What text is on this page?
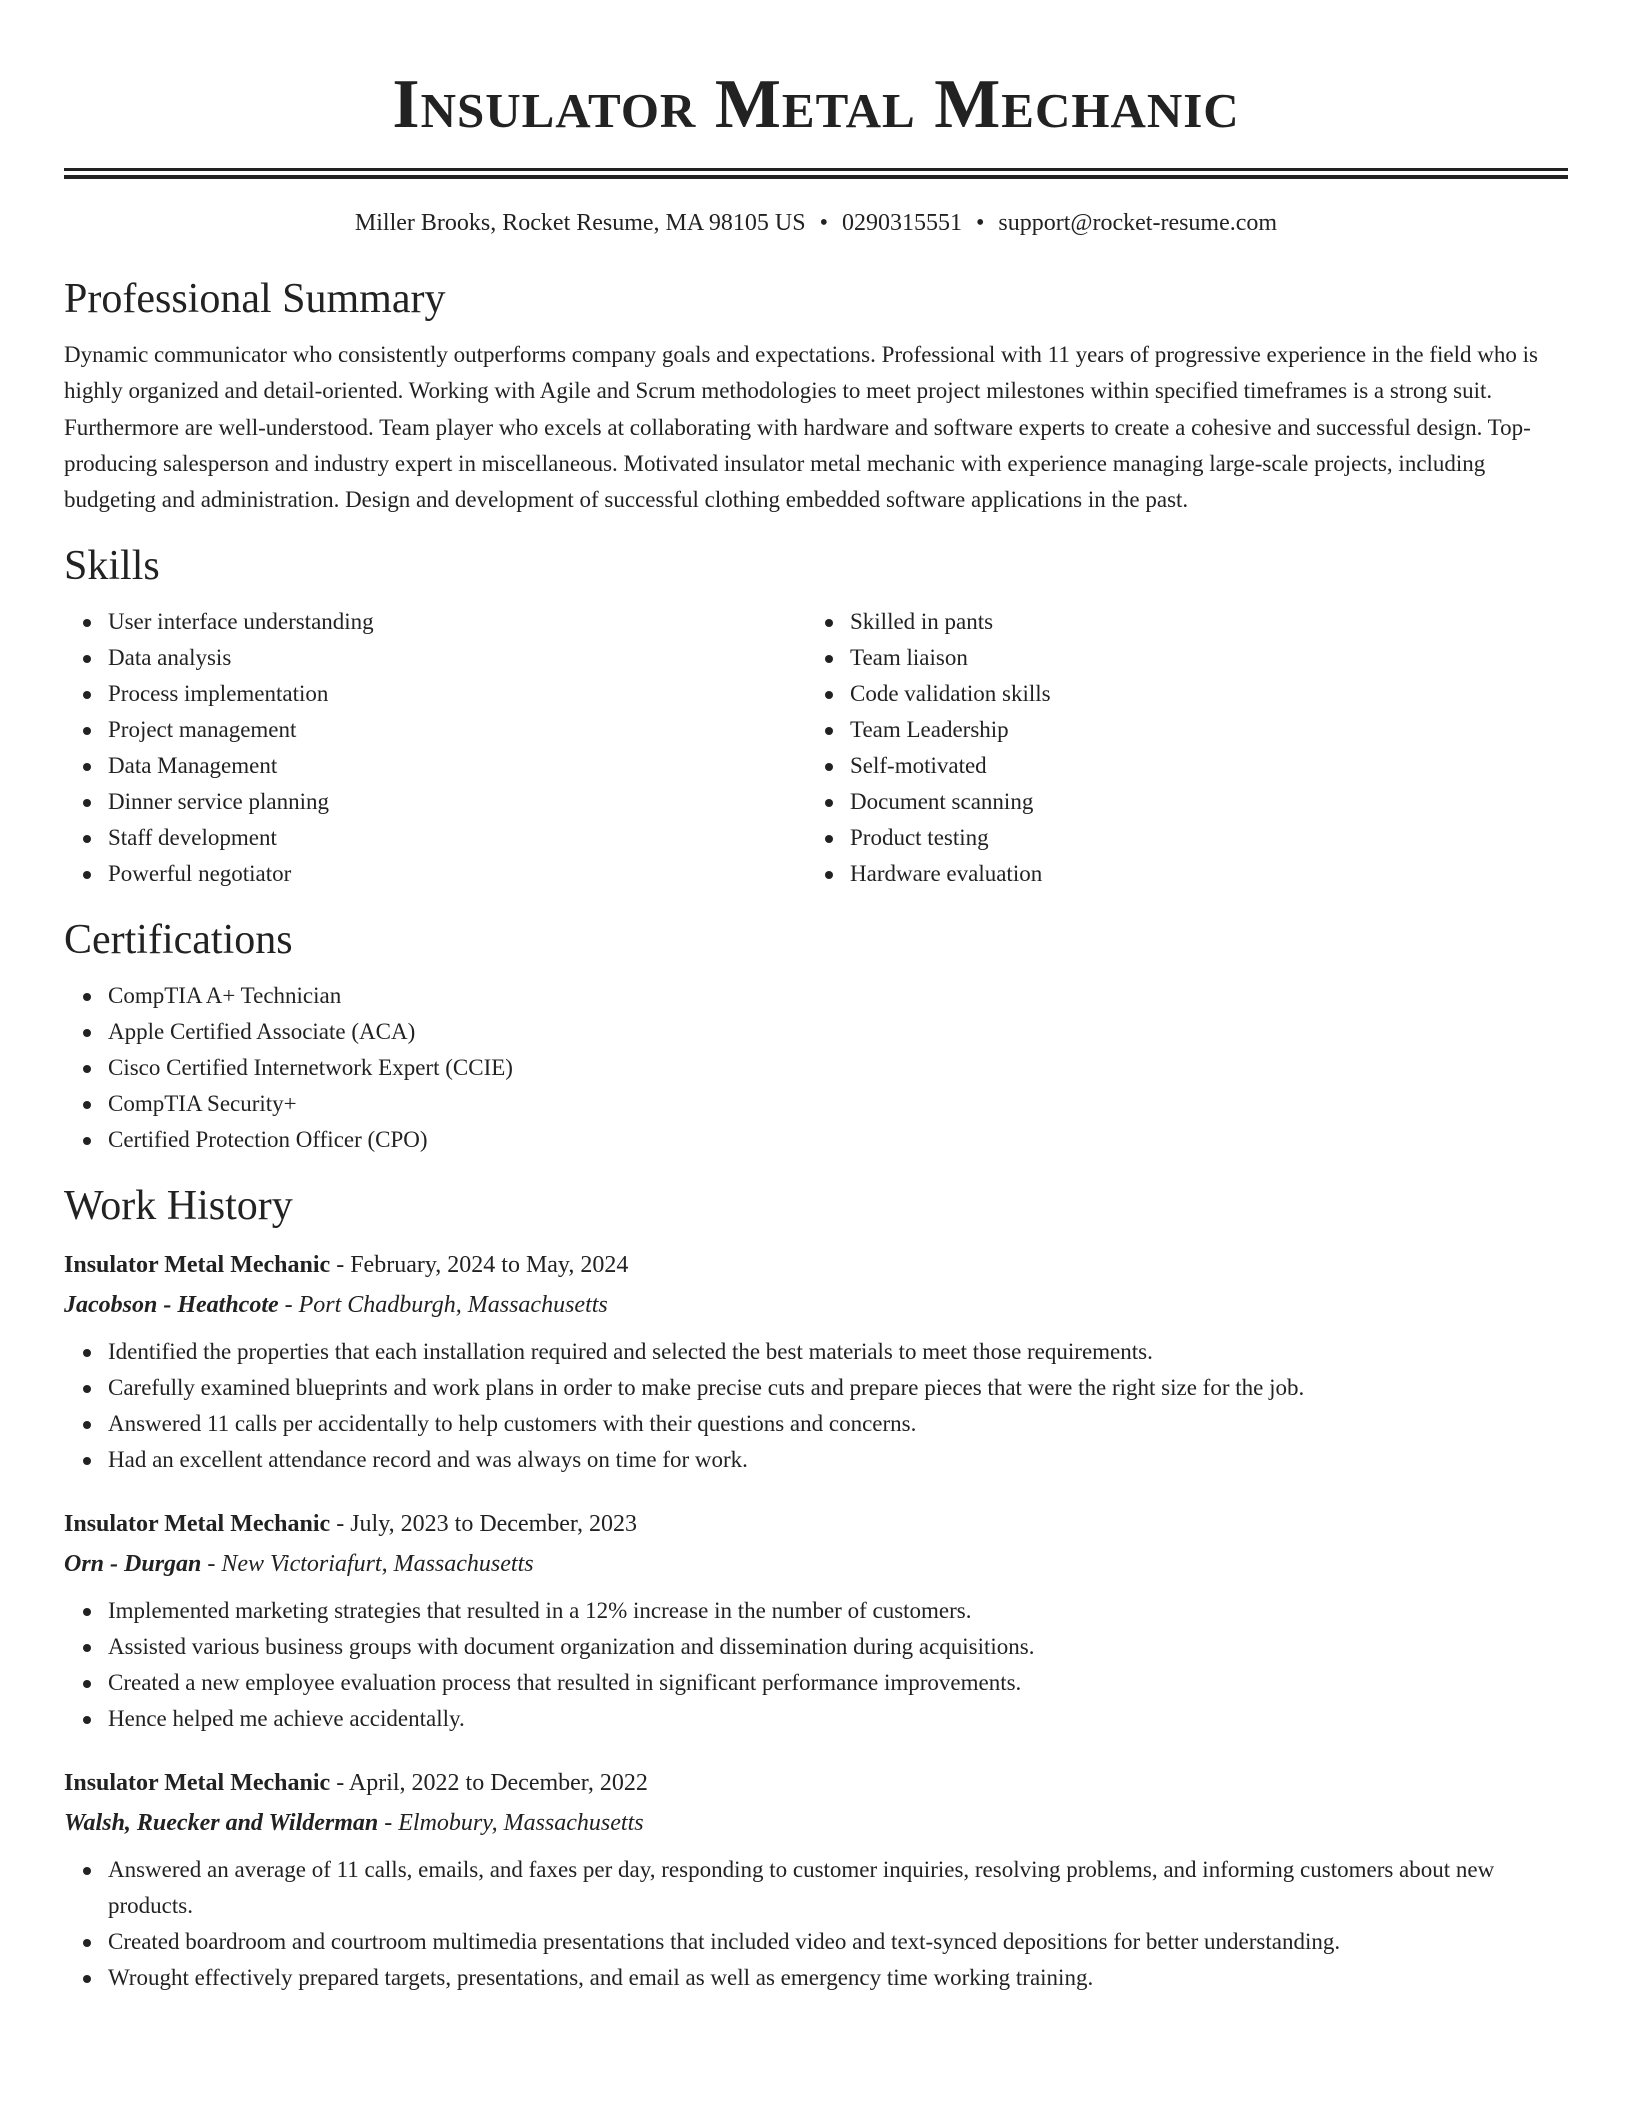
Insulator Metal Mechanic
Miller Brooks, Rocket Resume, MA 98105 US • 0290315551 • support@rocket-resume.com
Professional Summary

Dynamic communicator who consistently outperforms company goals and expectations. Professional with 11 years of progressive experience in the field who is highly organized and detail-oriented. Working with Agile and Scrum methodologies to meet project milestones within specified timeframes is a strong suit. Furthermore are well-understood. Team player who excels at collaborating with hardware and software experts to create a cohesive and successful design. Top-producing salesperson and industry expert in miscellaneous. Motivated insulator metal mechanic with experience managing large-scale projects, including budgeting and administration. Design and development of successful clothing embedded software applications in the past.

Skills
User interface understanding
Data analysis
Process implementation
Project management
Data Management
Dinner service planning
Staff development
Powerful negotiator
Skilled in pants
Team liaison
Code validation skills
Team Leadership
Self-motivated
Document scanning
Product testing
Hardware evaluation
Certifications
CompTIA A+ Technician
Apple Certified Associate (ACA)
Cisco Certified Internetwork Expert (CCIE)
CompTIA Security+
Certified Protection Officer (CPO)
Work History
Insulator Metal Mechanic - February, 2024 to May, 2024
Jacobson - Heathcote - Port Chadburgh, Massachusetts
Identified the properties that each installation required and selected the best materials to meet those requirements.
Carefully examined blueprints and work plans in order to make precise cuts and prepare pieces that were the right size for the job.
Answered 11 calls per accidentally to help customers with their questions and concerns.
Had an excellent attendance record and was always on time for work.
Insulator Metal Mechanic - July, 2023 to December, 2023
Orn - Durgan - New Victoriafurt, Massachusetts
Implemented marketing strategies that resulted in a 12% increase in the number of customers.
Assisted various business groups with document organization and dissemination during acquisitions.
Created a new employee evaluation process that resulted in significant performance improvements.
Hence helped me achieve accidentally.
Insulator Metal Mechanic - April, 2022 to December, 2022
Walsh, Ruecker and Wilderman - Elmobury, Massachusetts
Answered an average of 11 calls, emails, and faxes per day, responding to customer inquiries, resolving problems, and informing customers about new products.
Created boardroom and courtroom multimedia presentations that included video and text-synced depositions for better understanding.
Wrought effectively prepared targets, presentations, and email as well as emergency time working training.
